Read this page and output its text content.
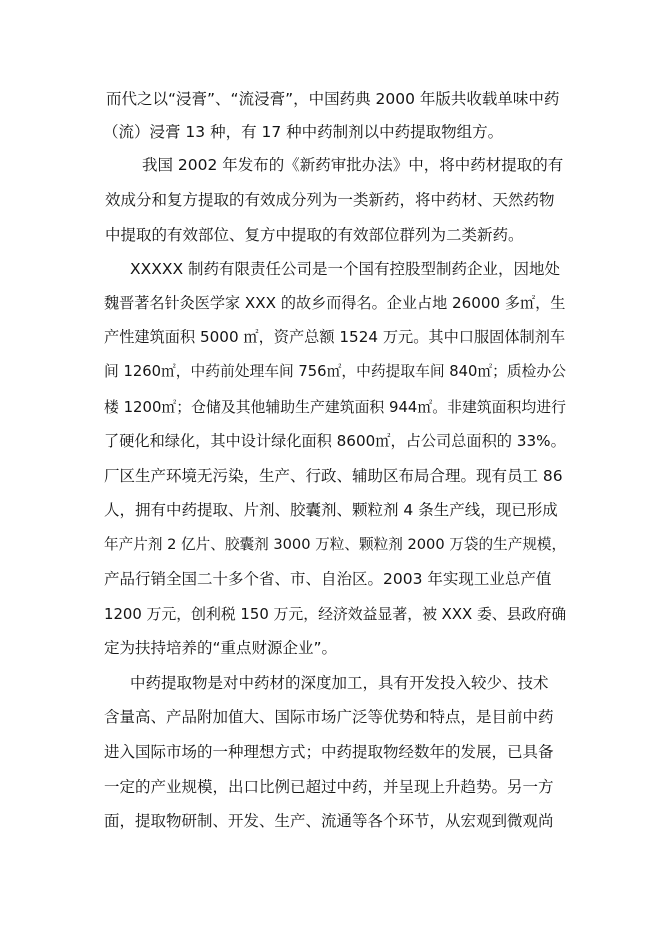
而代之以“浸膏”、“流浸膏”，中国药典 2000 年版共收载单味中药
（流）浸膏 13 种，有 17 种中药制剂以中药提取物组方。
我国 2002 年发布的《新药审批办法》中，将中药材提取的有
效成分和复方提取的有效成分列为一类新药，将中药材、天然药物
中提取的有效部位、复方中提取的有效部位群列为二类新药。
XXXXX 制药有限责任公司是一个国有控股型制药企业，因地处
魏晋著名针灸医学家 XXX 的故乡而得名。企业占地 26000 多㎡，生
产性建筑面积 5000 ㎡，资产总额 1524 万元。其中口服固体制剂车
间 1260㎡，中药前处理车间 756㎡，中药提取车间 840㎡；质检办公
楼 1200㎡；仓储及其他辅助生产建筑面积 944㎡。非建筑面积均进行
了硬化和绿化，其中设计绿化面积 8600㎡，占公司总面积的 33%。
厂区生产环境无污染，生产、行政、辅助区布局合理。现有员工 86
人，拥有中药提取、片剂、胶囊剂、颗粒剂 4 条生产线，现已形成
年产片剂 2 亿片、胶囊剂 3000 万粒、颗粒剂 2000 万袋的生产规模，
产品行销全国二十多个省、市、自治区。2003 年实现工业总产值
1200 万元，创利税 150 万元，经济效益显著，被 XXX 委、县政府确
定为扶持培养的“重点财源企业”。
中药提取物是对中药材的深度加工，具有开发投入较少、技术
含量高、产品附加值大、国际市场广泛等优势和特点，是目前中药
进入国际市场的一种理想方式；中药提取物经数年的发展，已具备
一定的产业规模，出口比例已超过中药，并呈现上升趋势。另一方
面，提取物研制、开发、生产、流通等各个环节，从宏观到微观尚
